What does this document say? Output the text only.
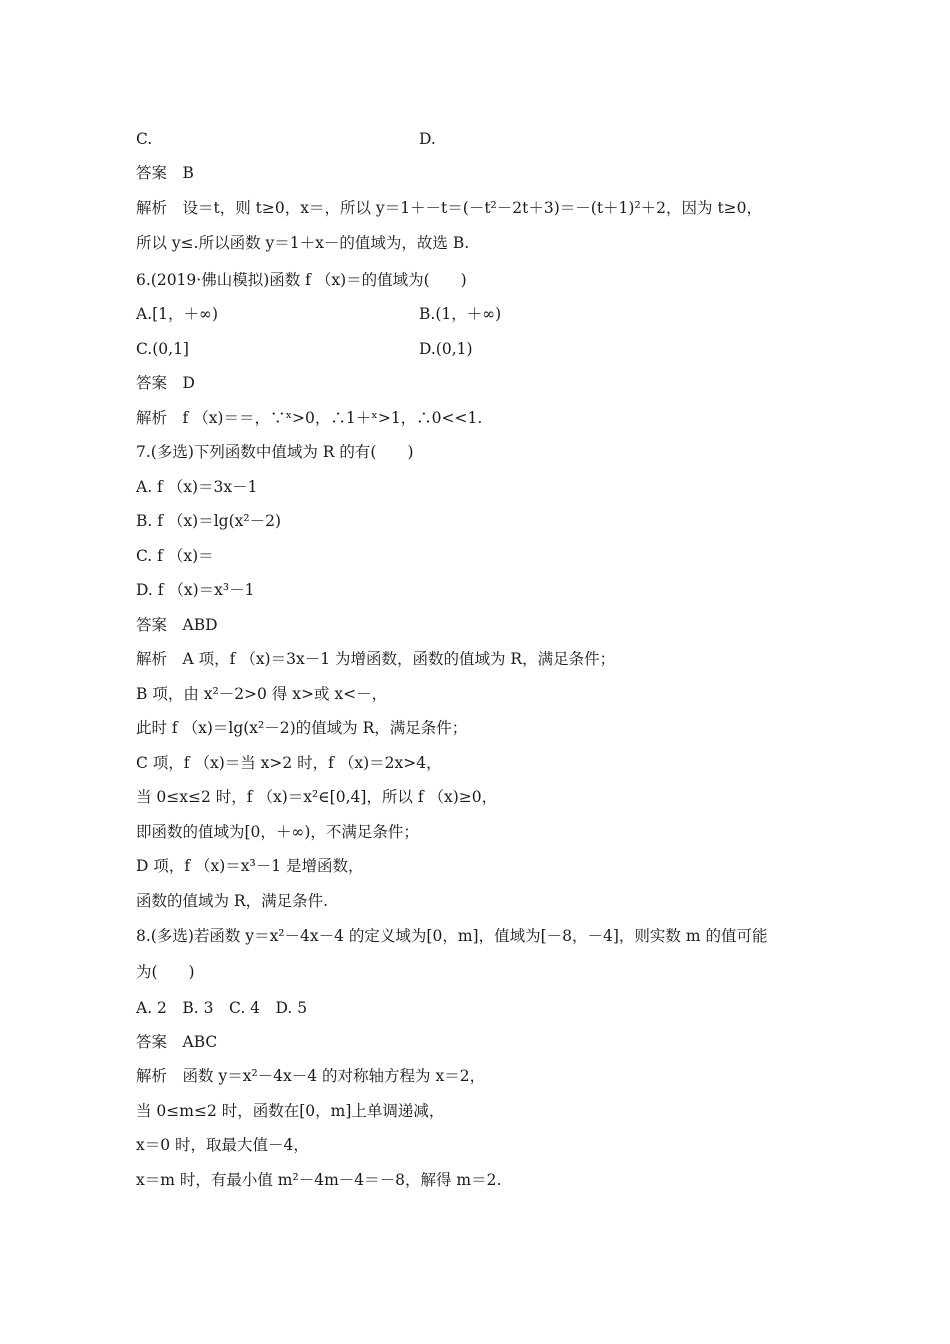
C.	D.
答案　 B
解析　 设＝t，则 t≥0，x＝，所以 y＝1＋－t＝(－t²－2t＋3)＝－(t＋1)²＋2，因为 t≥0，
所以 y≤.所以函数 y＝1＋x－的值域为，故选 B.
6.(2019·佛山模拟)函数 f （x)＝的值域为(　　)
A.[1，＋∞)	B.(1，＋∞)
C.(0,1]	D.(0,1)
答案　 D
解析　 f （x)＝＝，∵ˣ>0，∴1＋ˣ>1，∴0<<1.
7.(多选)下列函数中值域为 R 的有(　　)
A. f （x)＝3x－1
B. f （x)＝lg(x²－2)
C. f （x)＝
D. f （x)＝x³－1
答案　 ABD
解析　 A 项，f （x)＝3x－1 为增函数，函数的值域为 R，满足条件；
B 项，由 x²－2>0 得 x>或 x<－，
此时 f （x)＝lg(x²－2)的值域为 R，满足条件；
C 项，f （x)＝当 x>2 时，f （x)＝2x>4，
当 0≤x≤2 时，f （x)＝x²∈[0,4]，所以 f （x)≥0，
即函数的值域为[0，＋∞)，不满足条件；
D 项，f （x)＝x³－1 是增函数，
函数的值域为 R，满足条件.
8.(多选)若函数 y＝x²－4x－4 的定义域为[0，m]，值域为[－8，－4]，则实数 m 的值可能
为(　　)
A. 2　B. 3　C. 4　D. 5
答案　 ABC
解析　 函数 y＝x²－4x－4 的对称轴方程为 x＝2，
当 0≤m≤2 时，函数在[0，m]上单调递减，
x＝0 时，取最大值－4，
x＝m 时，有最小值 m²－4m－4＝－8，解得 m＝2.
